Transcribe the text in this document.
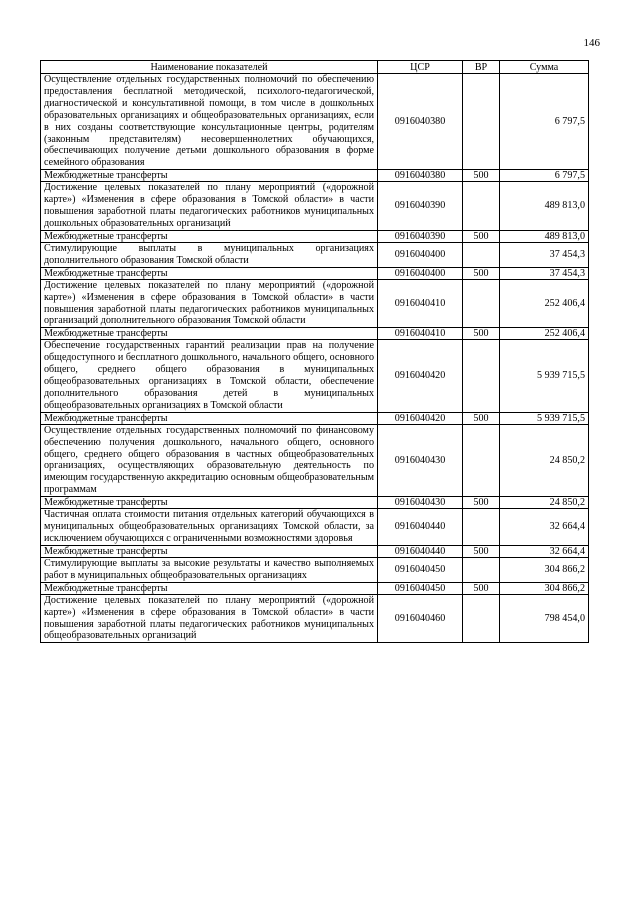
146
Наименование показателей	ЦСР	ВР	Сумма
Осуществление отдельных государственных полномочий по обеспечению предоставления бесплатной методической, психолого-педагогической, диагностической и консультативной помощи, в том числе в дошкольных образовательных организациях и общеобразовательных организациях, если в них созданы соответствующие консультационные центры, родителям (законным представителям) несовершеннолетних обучающихся, обеспечивающих получение детьми дошкольного образования в форме семейного образования	0916040380		6 797,5
Межбюджетные трансферты	0916040380	500	6 797,5
Достижение целевых показателей по плану мероприятий («дорожной карте») «Изменения в сфере образования в Томской области» в части повышения заработной платы педагогических работников муниципальных дошкольных образовательных организаций	0916040390		489 813,0
Межбюджетные трансферты	0916040390	500	489 813,0
Стимулирующие выплаты в муниципальных организациях дополнительного образования Томской области	0916040400		37 454,3
Межбюджетные трансферты	0916040400	500	37 454,3
Достижение целевых показателей по плану мероприятий («дорожной карте») «Изменения в сфере образования в Томской области» в части повышения заработной платы педагогических работников муниципальных организаций дополнительного образования Томской области	0916040410		252 406,4
Межбюджетные трансферты	0916040410	500	252 406,4
Обеспечение государственных гарантий реализации прав на получение общедоступного и бесплатного дошкольного, начального общего, основного общего, среднего общего образования в муниципальных общеобразовательных организациях в Томской области, обеспечение дополнительного образования детей в муниципальных общеобразовательных организациях в Томской области	0916040420		5 939 715,5
Межбюджетные трансферты	0916040420	500	5 939 715,5
Осуществление отдельных государственных полномочий по финансовому обеспечению получения дошкольного, начального общего, основного общего, среднего общего образования в частных общеобразовательных организациях, осуществляющих образовательную деятельность по имеющим государственную аккредитацию основным общеобразовательным программам	0916040430		24 850,2
Межбюджетные трансферты	0916040430	500	24 850,2
Частичная оплата стоимости питания отдельных категорий обучающихся в муниципальных общеобразовательных организациях Томской области, за исключением обучающихся с ограниченными возможностями здоровья	0916040440		32 664,4
Межбюджетные трансферты	0916040440	500	32 664,4
Стимулирующие выплаты за высокие результаты и качество выполняемых работ в муниципальных общеобразовательных организациях	0916040450		304 866,2
Межбюджетные трансферты	0916040450	500	304 866,2
Достижение целевых показателей по плану мероприятий («дорожной карте») «Изменения в сфере образования в Томской области» в части повышения заработной платы педагогических работников муниципальных общеобразовательных организаций	0916040460		798 454,0
